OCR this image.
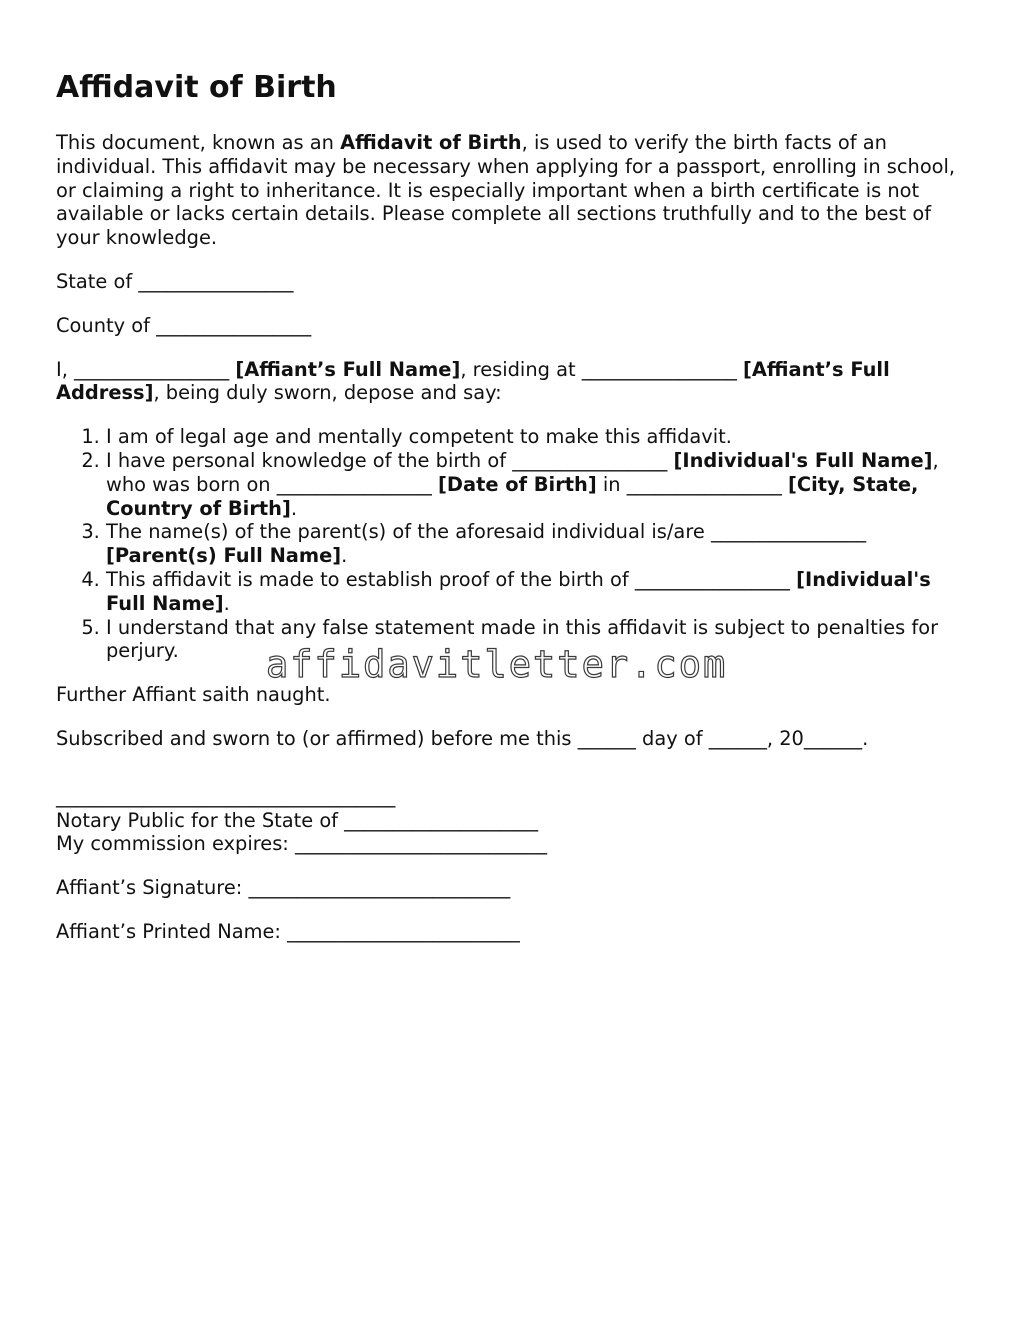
Affidavit of Birth

This document, known as an Affidavit of Birth, is used to verify the birth facts of an individual. This affidavit may be necessary when applying for a passport, enrolling in school, or claiming a right to inheritance. It is especially important when a birth certificate is not available or lacks certain details. Please complete all sections truthfully and to the best of your knowledge.

State of ________________

County of ________________

I, ________________ [Affiant’s Full Name], residing at ________________ [Affiant’s Full Address], being duly sworn, depose and say:

1. I am of legal age and mentally competent to make this affidavit.
2. I have personal knowledge of the birth of ________________ [Individual's Full Name], who was born on ________________ [Date of Birth] in ________________ [City, State, Country of Birth].
3. The name(s) of the parent(s) of the aforesaid individual is/are ________________ [Parent(s) Full Name].
4. This affidavit is made to establish proof of the birth of ________________ [Individual's Full Name].
5. I understand that any false statement made in this affidavit is subject to penalties for perjury.

Further Affiant saith naught.

Subscribed and sworn to (or affirmed) before me this ______ day of ______, 20______.

___________________________________

Notary Public for the State of ____________________

My commission expires: __________________________

Affiant’s Signature: ___________________________

Affiant’s Printed Name: ________________________

affidavitletter.com
